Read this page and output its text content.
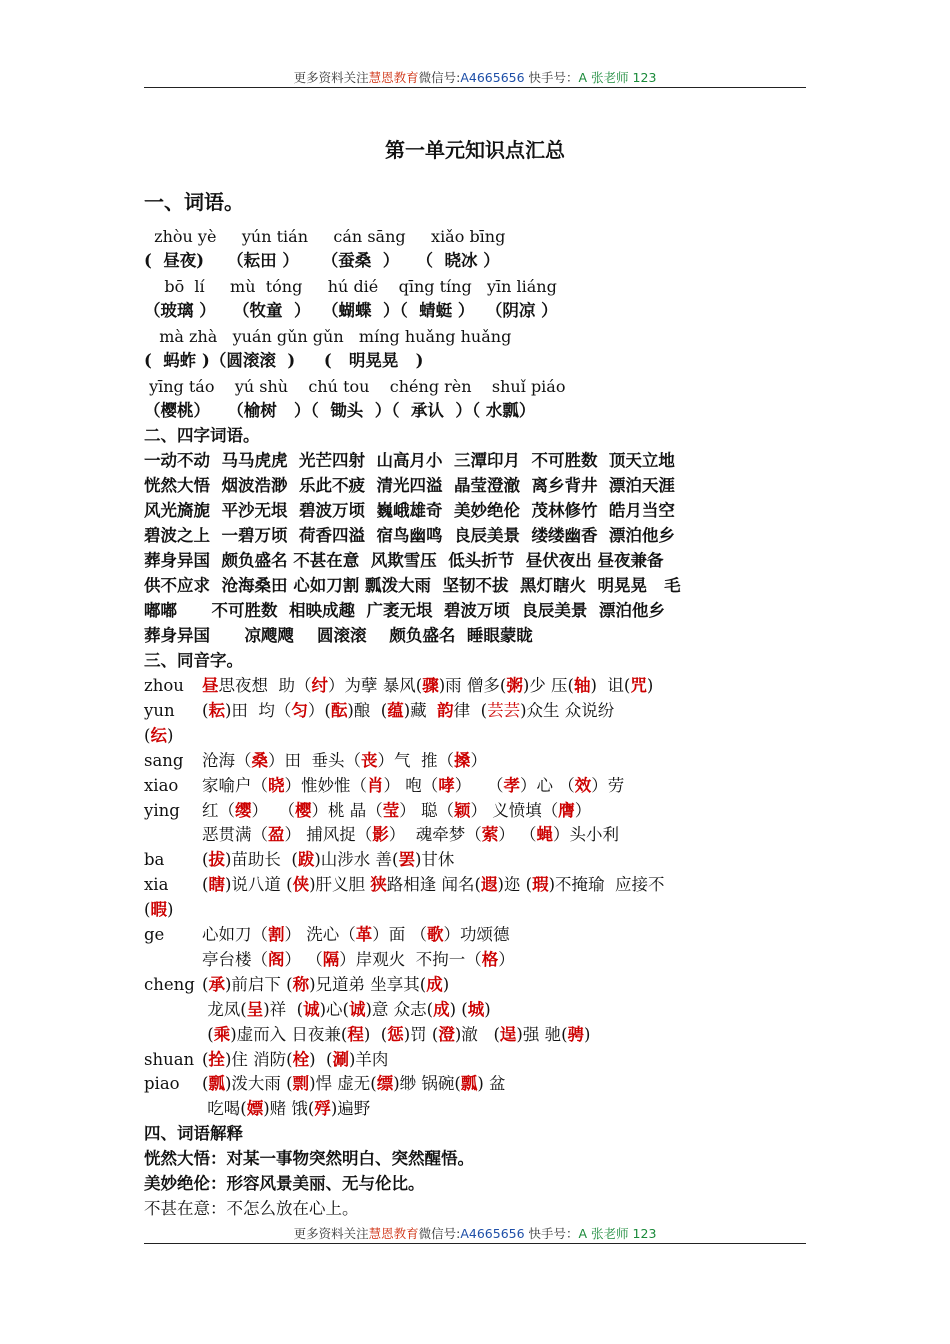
更多资料关注慧恩教育微信号:A4665656 快手号：A 张老师 123
第一单元知识点汇总
一、词语。
zhòu yè     yún tián     cán sāng     xiǎo bīng
(  昼夜)    （耘田 ）    （蚕桑  ）   （  晓冰 ）
bō  lí     mù  tóng     hú dié    qīng tíng   yīn liáng
（玻璃 ）   （牧童  ）  （蝴蝶  ）（  蜻蜓 ）  （阴凉 ）
mà zhà   yuán gǔn gǔn   míng huǎng huǎng
(  蚂蚱 )（圆滚滚  )     (   明晃晃   )
yīng táo    yú shù    chú tou    chéng rèn    shuǐ piáo
（樱桃）   （榆树   ）（  锄头  ）（  承认  ）（ 水瓢）
二、四字词语。
一动不动  马马虎虎  光芒四射  山高月小  三潭印月  不可胜数  顶天立地
恍然大悟  烟波浩渺  乐此不疲  清光四溢  晶莹澄澈  离乡背井  漂泊天涯
风光旖旎  平沙无垠  碧波万顷  巍峨雄奇  美妙绝伦  茂林修竹  皓月当空
碧波之上  一碧万顷  荷香四溢  宿鸟幽鸣  良辰美景  缕缕幽香  漂泊他乡
葬身异国  颇负盛名 不甚在意  风欺雪压  低头折节  昼伏夜出 昼夜兼备
供不应求  沧海桑田 心如刀割 瓢泼大雨  坚韧不拔  黑灯瞎火  明晃晃   毛
嘟嘟      不可胜数  相映成趣  广袤无垠  碧波万顷  良辰美景  漂泊他乡
葬身异国      凉飕飕    圆滚滚    颇负盛名  睡眼蒙眬
三、同音字。
zhou 昼思夜想  助（纣）为孽 暴风(骤)雨 僧多(粥)少 压(轴)  诅(咒)
yun (耘)田  均（匀）(酝)酿  (蕴)藏  韵律  (芸芸)众生 众说纷
(纭)
sang 沧海（桑）田  垂头（丧）气  推（搡）
xiao 家喻户（晓）惟妙惟（肖） 咆（哮）   （孝）心 （效）劳
ying 红（缨）  （樱）桃 晶（莹） 聪（颖） 义愤填（膺）
恶贯满（盈） 捕风捉（影）  魂牵梦（萦） （蝇）头小利
ba (拔)苗助长  (跋)山涉水 善(罢)甘休
xia (瞎)说八道 (侠)肝义胆 狭路相逢 闻名(遐)迩 (瑕)不掩瑜  应接不
(暇)
ge 心如刀（割） 洗心（革）面 （歌）功颂德
亭台楼（阁） （隔）岸观火  不拘一（格）
cheng (承)前启下 (称)兄道弟 坐享其(成)
龙凤(呈)祥  (诚)心(诚)意 众志(成) (城)
(乘)虚而入 日夜兼(程)  (惩)罚 (澄)澈   (逞)强 驰(骋)
shuan (拴)住 消防(栓)  (涮)羊肉
piao (瓢)泼大雨 (剽)悍 虚无(缥)缈 锅碗(瓢) 盆
吃喝(嫖)赌 饿(殍)遍野
四、词语解释
恍然大悟：对某一事物突然明白、突然醒悟。
美妙绝伦：形容风景美丽、无与伦比。
不甚在意：不怎么放在心上。
更多资料关注慧恩教育微信号:A4665656 快手号：A 张老师 123
